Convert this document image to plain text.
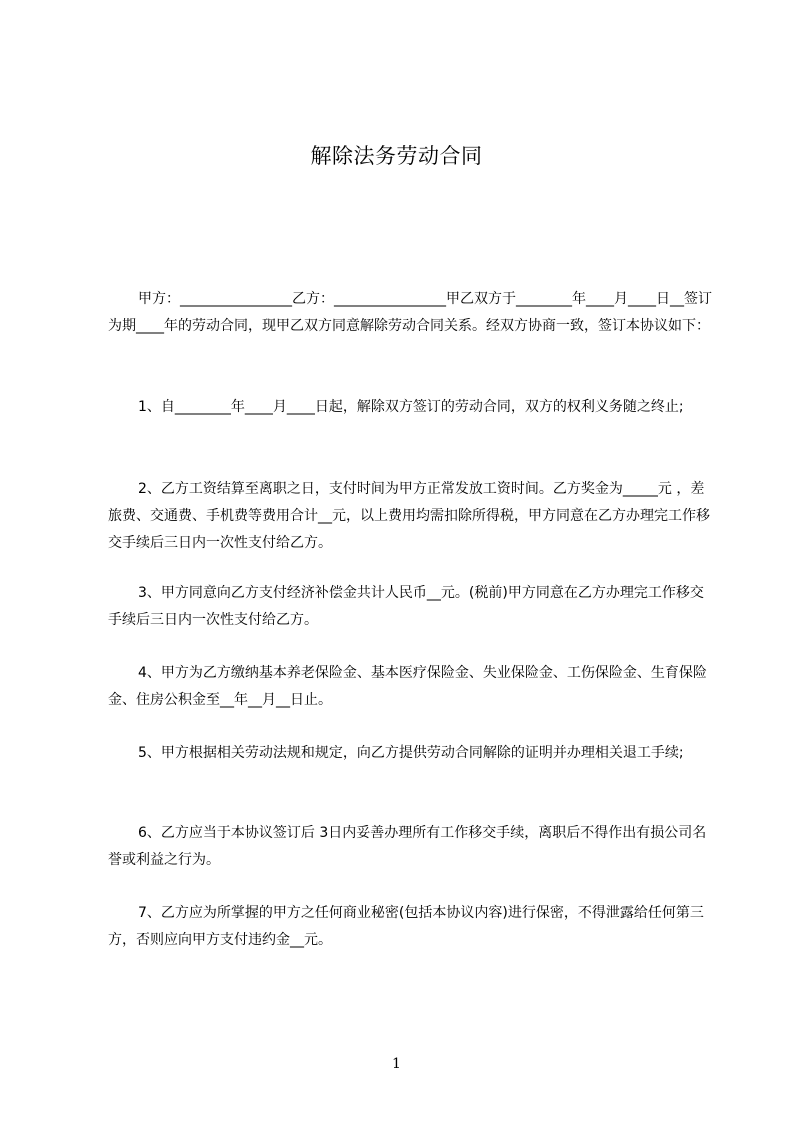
解除法务劳动合同
甲方：________________乙方：________________甲乙双方于________年____月____日__签订为期____年的劳动合同，现甲乙双方同意解除劳动合同关系。经双方协商一致，签订本协议如下：
1、自________年____月____日起，解除双方签订的劳动合同，双方的权利义务随之终止;
2、乙方工资结算至离职之日，支付时间为甲方正常发放工资时间。乙方奖金为_____元 ，差旅费、交通费、手机费等费用合计__元，以上费用均需扣除所得税，甲方同意在乙方办理完工作移交手续后三日内一次性支付给乙方。
3、甲方同意向乙方支付经济补偿金共计人民币__元。(税前)甲方同意在乙方办理完工作移交手续后三日内一次性支付给乙方。
4、甲方为乙方缴纳基本养老保险金、基本医疗保险金、失业保险金、工伤保险金、生育保险金、住房公积金至__年__月__日止。
5、甲方根据相关劳动法规和规定，向乙方提供劳动合同解除的证明并办理相关退工手续;
6、乙方应当于本协议签订后 3日内妥善办理所有工作移交手续，离职后不得作出有损公司名誉或利益之行为。
7、乙方应为所掌握的甲方之任何商业秘密(包括本协议内容)进行保密，不得泄露给任何第三方，否则应向甲方支付违约金__元。
1
